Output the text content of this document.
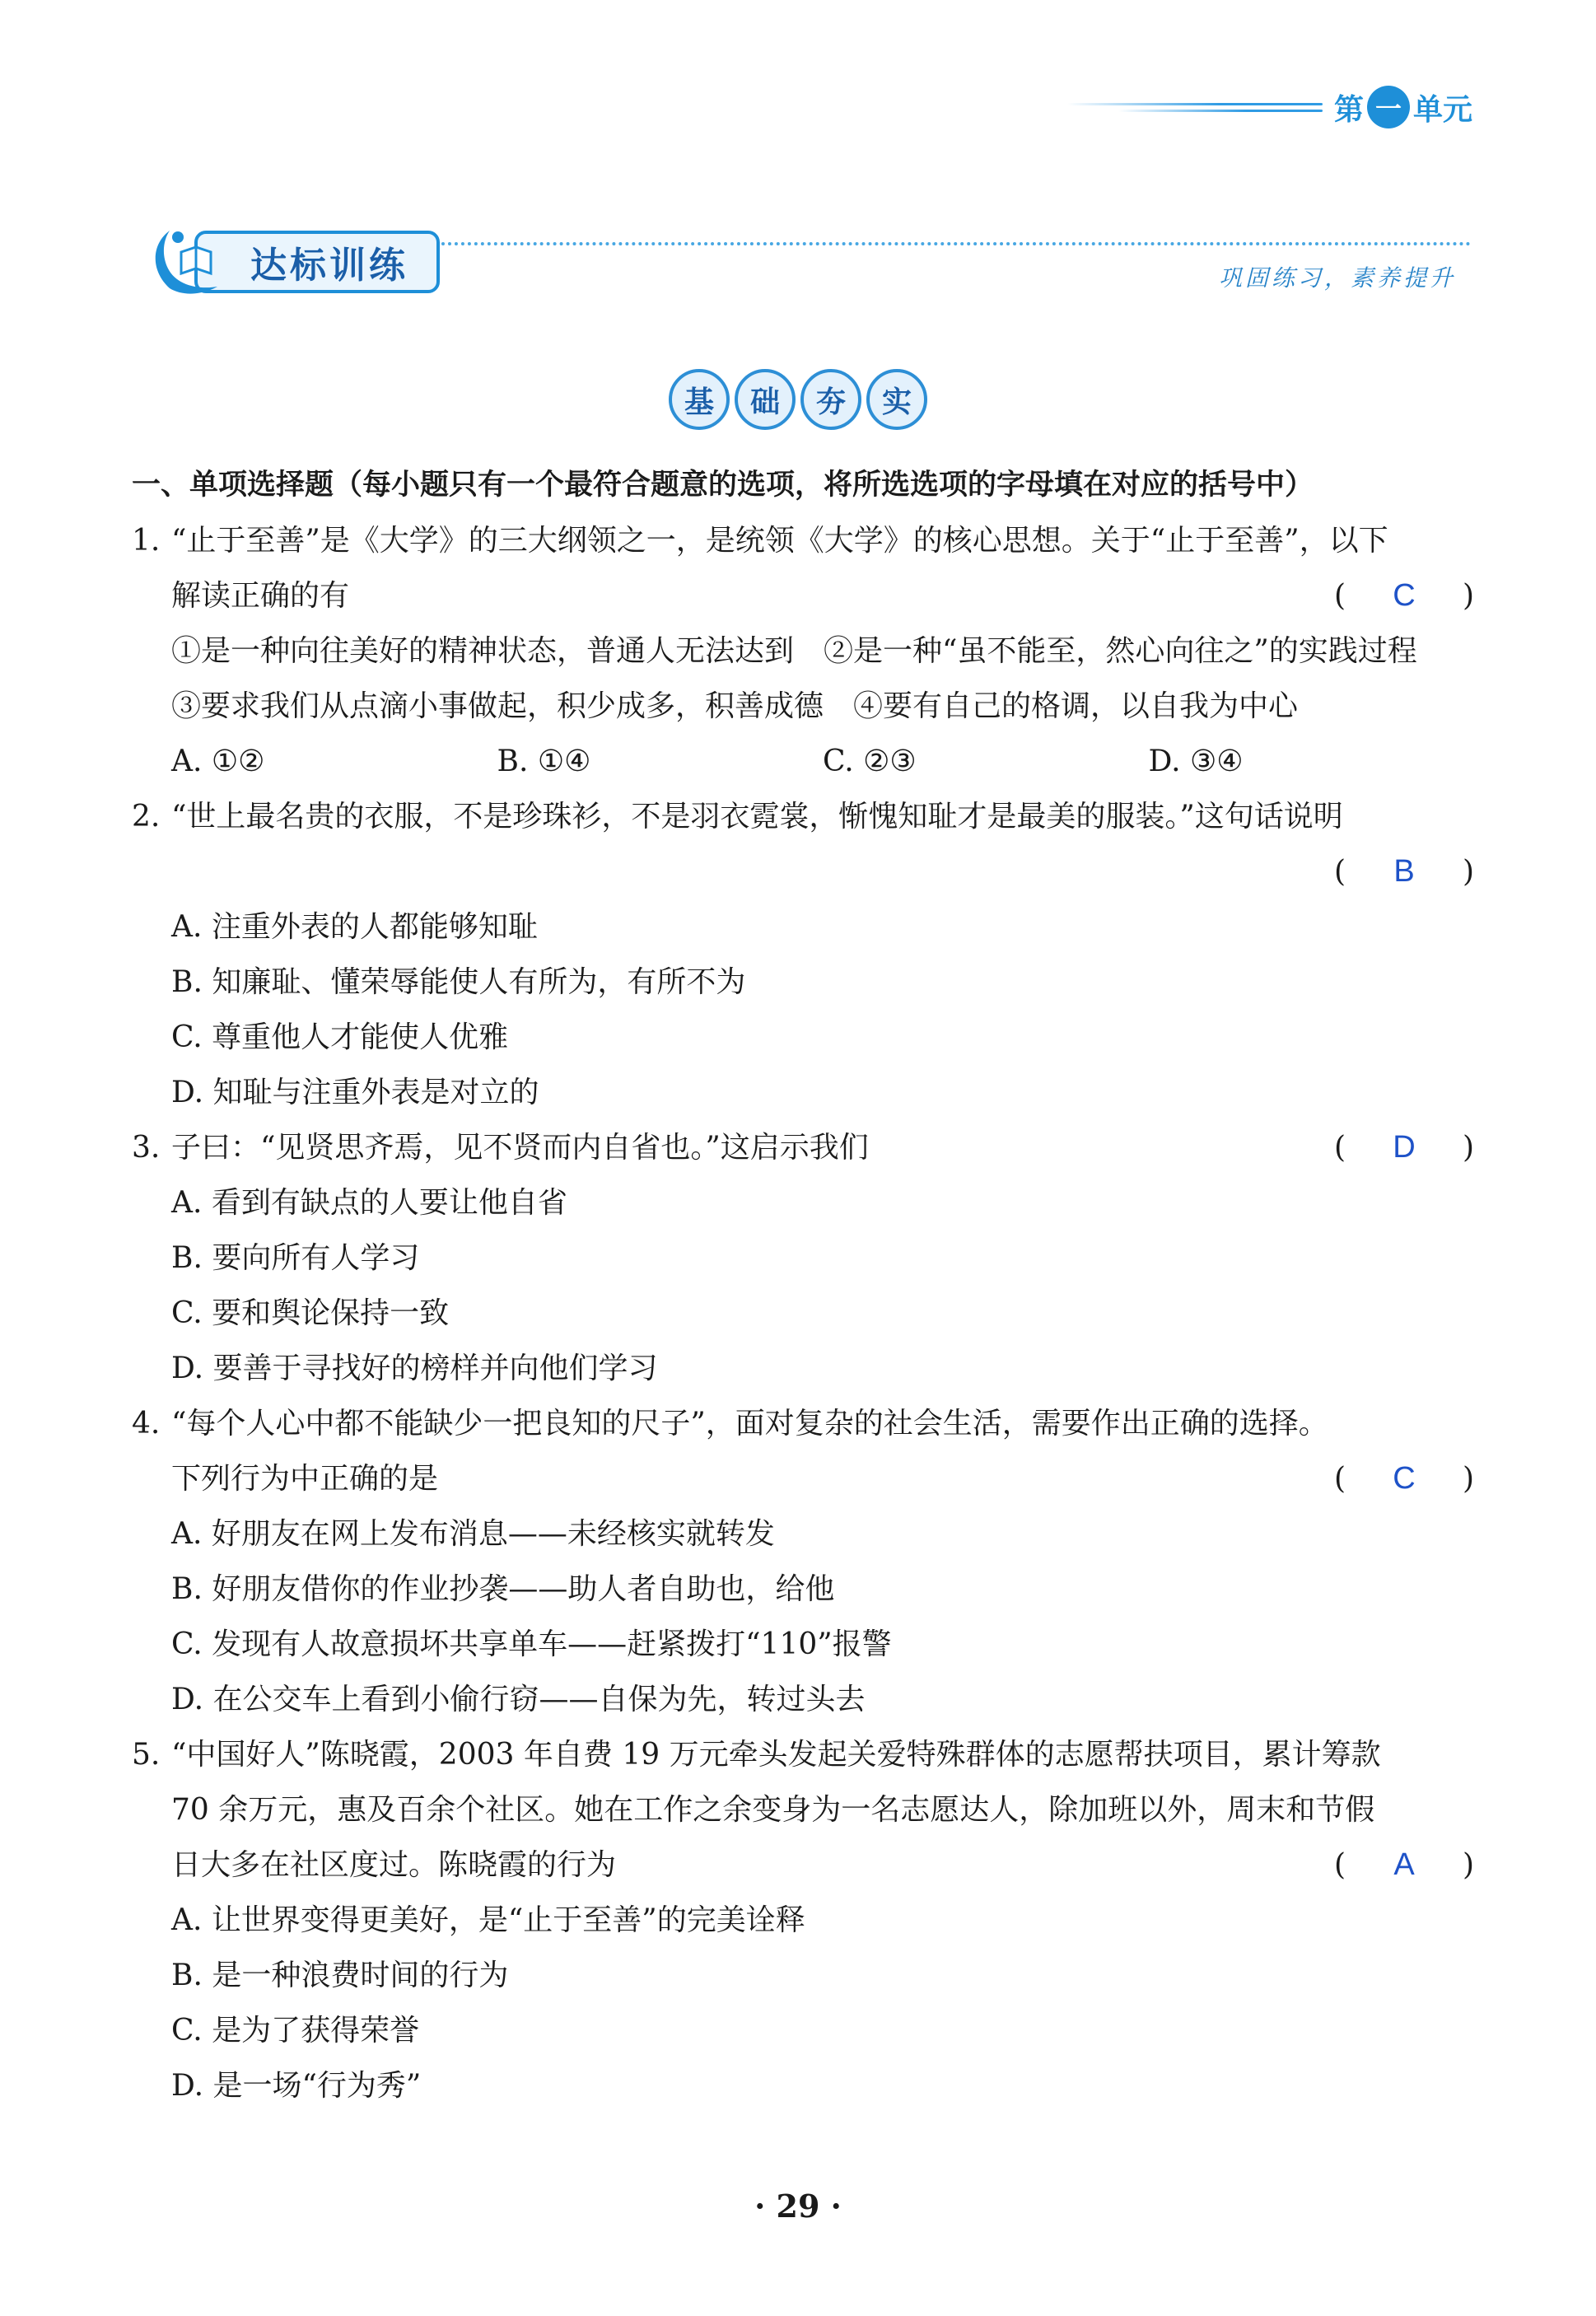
第 一 单元
达标训练	巩固练习，素养提升
基	础	夯	实

一、单项选择题（每小题只有一个最符合题意的选项，将所选选项的字母填在对应的括号中）

1. “止于至善”是《大学》的三大纲领之一，是统领《大学》的核心思想。关于“止于至善”，以下

解读正确的有	( C )

①是一种向往美好的精神状态，普通人无法达到　②是一种“虽不能至，然心向往之”的实践过程　③要求我们从点滴小事做起，积少成多，积善成德　④要有自己的格调，以自我为中心

A. ①②	B. ①④	C. ②③	D. ③④

2. “世上最名贵的衣服，不是珍珠衫，不是羽衣霓裳，惭愧知耻才是最美的服装。”这句话说明

( B )

A. 注重外表的人都能够知耻

B. 知廉耻、懂荣辱能使人有所为，有所不为

C. 尊重他人才能使人优雅

D. 知耻与注重外表是对立的

3. 子曰：“见贤思齐焉，见不贤而内自省也。”这启示我们	( D )

A. 看到有缺点的人要让他自省

B. 要向所有人学习

C. 要和舆论保持一致

D. 要善于寻找好的榜样并向他们学习

4. “每个人心中都不能缺少一把良知的尺子”，面对复杂的社会生活，需要作出正确的选择。

下列行为中正确的是	( C )

A. 好朋友在网上发布消息——未经核实就转发

B. 好朋友借你的作业抄袭——助人者自助也，给他

C. 发现有人故意损坏共享单车——赶紧拨打“110”报警

D. 在公交车上看到小偷行窃——自保为先，转过头去

5. “中国好人”陈晓霞，2003 年自费 19 万元牵头发起关爱特殊群体的志愿帮扶项目，累计筹款

70 余万元，惠及百余个社区。她在工作之余变身为一名志愿达人，除加班以外，周末和节假

日大多在社区度过。陈晓霞的行为	( A )

A. 让世界变得更美好，是“止于至善”的完美诠释

B. 是一种浪费时间的行为

C. 是为了获得荣誉

D. 是一场“行为秀”

· 29 ·
